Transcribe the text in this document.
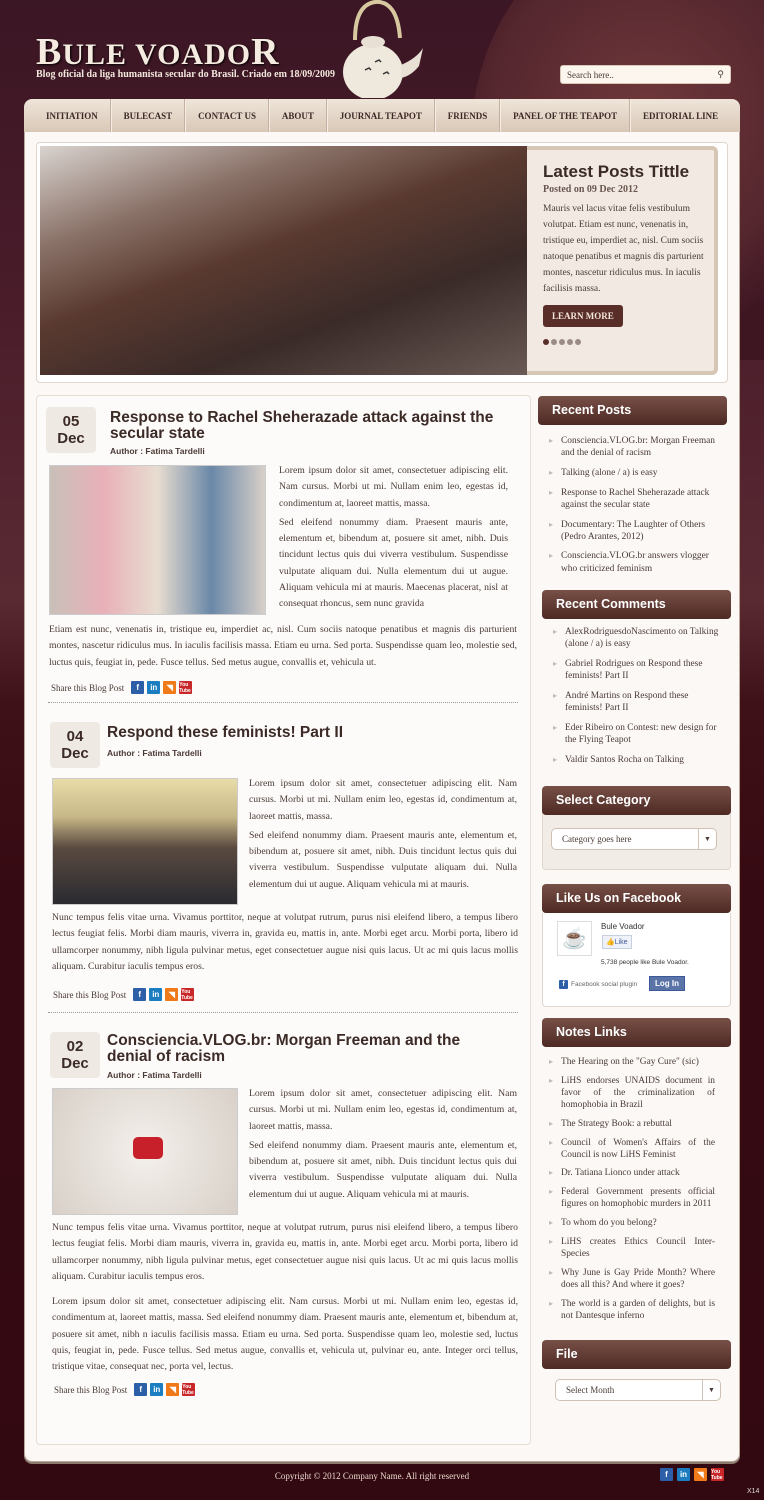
BULE VOADOR
Blog oficial da liga humanista secular do Brasil. Criado em 18/09/2009	Search here..	⚲
INITIATION	BULECAST	CONTACT US	ABOUT	JOURNAL TEAPOT	FRIENDS	PANEL OF THE TEAPOT	EDITORIAL LINE
Latest Posts Tittle
Posted on 09 Dec 2012

Mauris vel lacus vitae felis vestibulum volutpat. Etiam est nunc, venenatis in, tristique eu, imperdiet ac, nisl. Cum sociis natoque penatibus et magnis dis parturient montes, nascetur ridiculus mus. In iaculis facilisis massa.

LEARN MORE
05
Dec
Response to Rachel Sheherazade attack against the secular state
Author : Fatima Tardelli

Lorem ipsum dolor sit amet, consectetuer adipiscing elit. Nam cursus. Morbi ut mi. Nullam enim leo, egestas id, condimentum at, laoreet mattis, massa.

Sed eleifend nonummy diam. Praesent mauris ante, elementum et, bibendum at, posuere sit amet, nibh. Duis tincidunt lectus quis dui viverra vestibulum. Suspendisse vulputate aliquam dui. Nulla elementum dui ut augue. Aliquam vehicula mi at mauris. Maecenas placerat, nisl at consequat rhoncus, sem nunc gravida

Etiam est nunc, venenatis in, tristique eu, imperdiet ac, nisl. Cum sociis natoque penatibus et magnis dis parturient montes, nascetur ridiculus mus. In iaculis facilisis massa. Etiam eu urna. Sed porta. Suspendisse quam leo, molestie sed, luctus quis, feugiat in, pede. Fusce tellus. Sed metus augue, convallis et, vehicula ut.
Share this Blog Post	f	in	◥	You Tube
04
Dec
Respond these feminists! Part II
Author : Fatima Tardelli

Lorem ipsum dolor sit amet, consectetuer adipiscing elit. Nam cursus. Morbi ut mi. Nullam enim leo, egestas id, condimentum at, laoreet mattis, massa.

Sed eleifend nonummy diam. Praesent mauris ante, elementum et, bibendum at, posuere sit amet, nibh. Duis tincidunt lectus quis dui viverra vestibulum. Suspendisse vulputate aliquam dui. Nulla elementum dui ut augue. Aliquam vehicula mi at mauris.

Nunc tempus felis vitae urna. Vivamus porttitor, neque at volutpat rutrum, purus nisi eleifend libero, a tempus libero lectus feugiat felis. Morbi diam mauris, viverra in, gravida eu, mattis in, ante. Morbi eget arcu. Morbi porta, libero id ullamcorper nonummy, nibh ligula pulvinar metus, eget consectetuer augue nisi quis lacus. Ut ac mi quis lacus mollis aliquam. Curabitur iaculis tempus eros.
Share this Blog Post	f	in	◥	You Tube
02
Dec
Consciencia.VLOG.br: Morgan Freeman and the denial of racism
Author : Fatima Tardelli

Lorem ipsum dolor sit amet, consectetuer adipiscing elit. Nam cursus. Morbi ut mi. Nullam enim leo, egestas id, condimentum at, laoreet mattis, massa.

Sed eleifend nonummy diam. Praesent mauris ante, elementum et, bibendum at, posuere sit amet, nibh. Duis tincidunt lectus quis dui viverra vestibulum. Suspendisse vulputate aliquam dui. Nulla elementum dui ut augue. Aliquam vehicula mi at mauris.

Nunc tempus felis vitae urna. Vivamus porttitor, neque at volutpat rutrum, purus nisi eleifend libero, a tempus libero lectus feugiat felis. Morbi diam mauris, viverra in, gravida eu, mattis in, ante. Morbi eget arcu. Morbi porta, libero id ullamcorper nonummy, nibh ligula pulvinar metus, eget consectetuer augue nisi quis lacus. Ut ac mi quis lacus mollis aliquam. Curabitur iaculis tempus eros.
Lorem ipsum dolor sit amet, consectetuer adipiscing elit. Nam cursus. Morbi ut mi. Nullam enim leo, egestas id, condimentum at, laoreet mattis, massa. Sed eleifend nonummy diam. Praesent mauris ante, elementum et, bibendum at, posuere sit amet, nibh n iaculis facilisis massa. Etiam eu urna. Sed porta. Suspendisse quam leo, molestie sed, luctus quis, feugiat in, pede. Fusce tellus. Sed metus augue, convallis et, vehicula ut, pulvinar eu, ante. Integer orci tellus, tristique vitae, consequat nec, porta vel, lectus.
Share this Blog Post	f	in	◥	You Tube
Recent Posts
▸ Consciencia.VLOG.br: Morgan Freeman and the denial of racism
▸ Talking (alone / a) is easy
▸ Response to Rachel Sheherazade attack against the secular state
▸ Documentary: The Laughter of Others (Pedro Arantes, 2012)
▸ Consciencia.VLOG.br answers vlogger who criticized feminism
Recent Comments
▸ AlexRodriguesdoNascimento on Talking (alone / a) is easy
▸ Gabriel Rodrigues on Respond these feminists! Part II
▸ André Martins on Respond these feminists! Part II
▸ Eder Ribeiro on Contest: new design for the Flying Teapot
▸ Valdir Santos Rocha on Talking
Select Category
Category goes here	▼
☕
Bule Voador
👍Like
5,738 people like Bule Voador.
f Facebook social plugin	Log In
Like Us on Facebook
Notes Links
▸ The Hearing on the "Gay Cure" (sic)
▸ LiHS endorses UNAIDS document in favor of the criminalization of homophobia in Brazil
▸ The Strategy Book: a rebuttal
▸ Council of Women's Affairs of the Council is now LiHS Feminist
▸ Dr. Tatiana Lionco under attack
▸ Federal Government presents official figures on homophobic murders in 2011
▸ To whom do you belong?
▸ LiHS creates Ethics Council Inter-Species
▸ Why June is Gay Pride Month? Where does all this? And where it goes?
▸ The world is a garden of delights, but is not Dantesque inferno
File
Select Month	▼
Copyright © 2012 Company Name. All right reserved	f	in	◥	You Tube
X14
